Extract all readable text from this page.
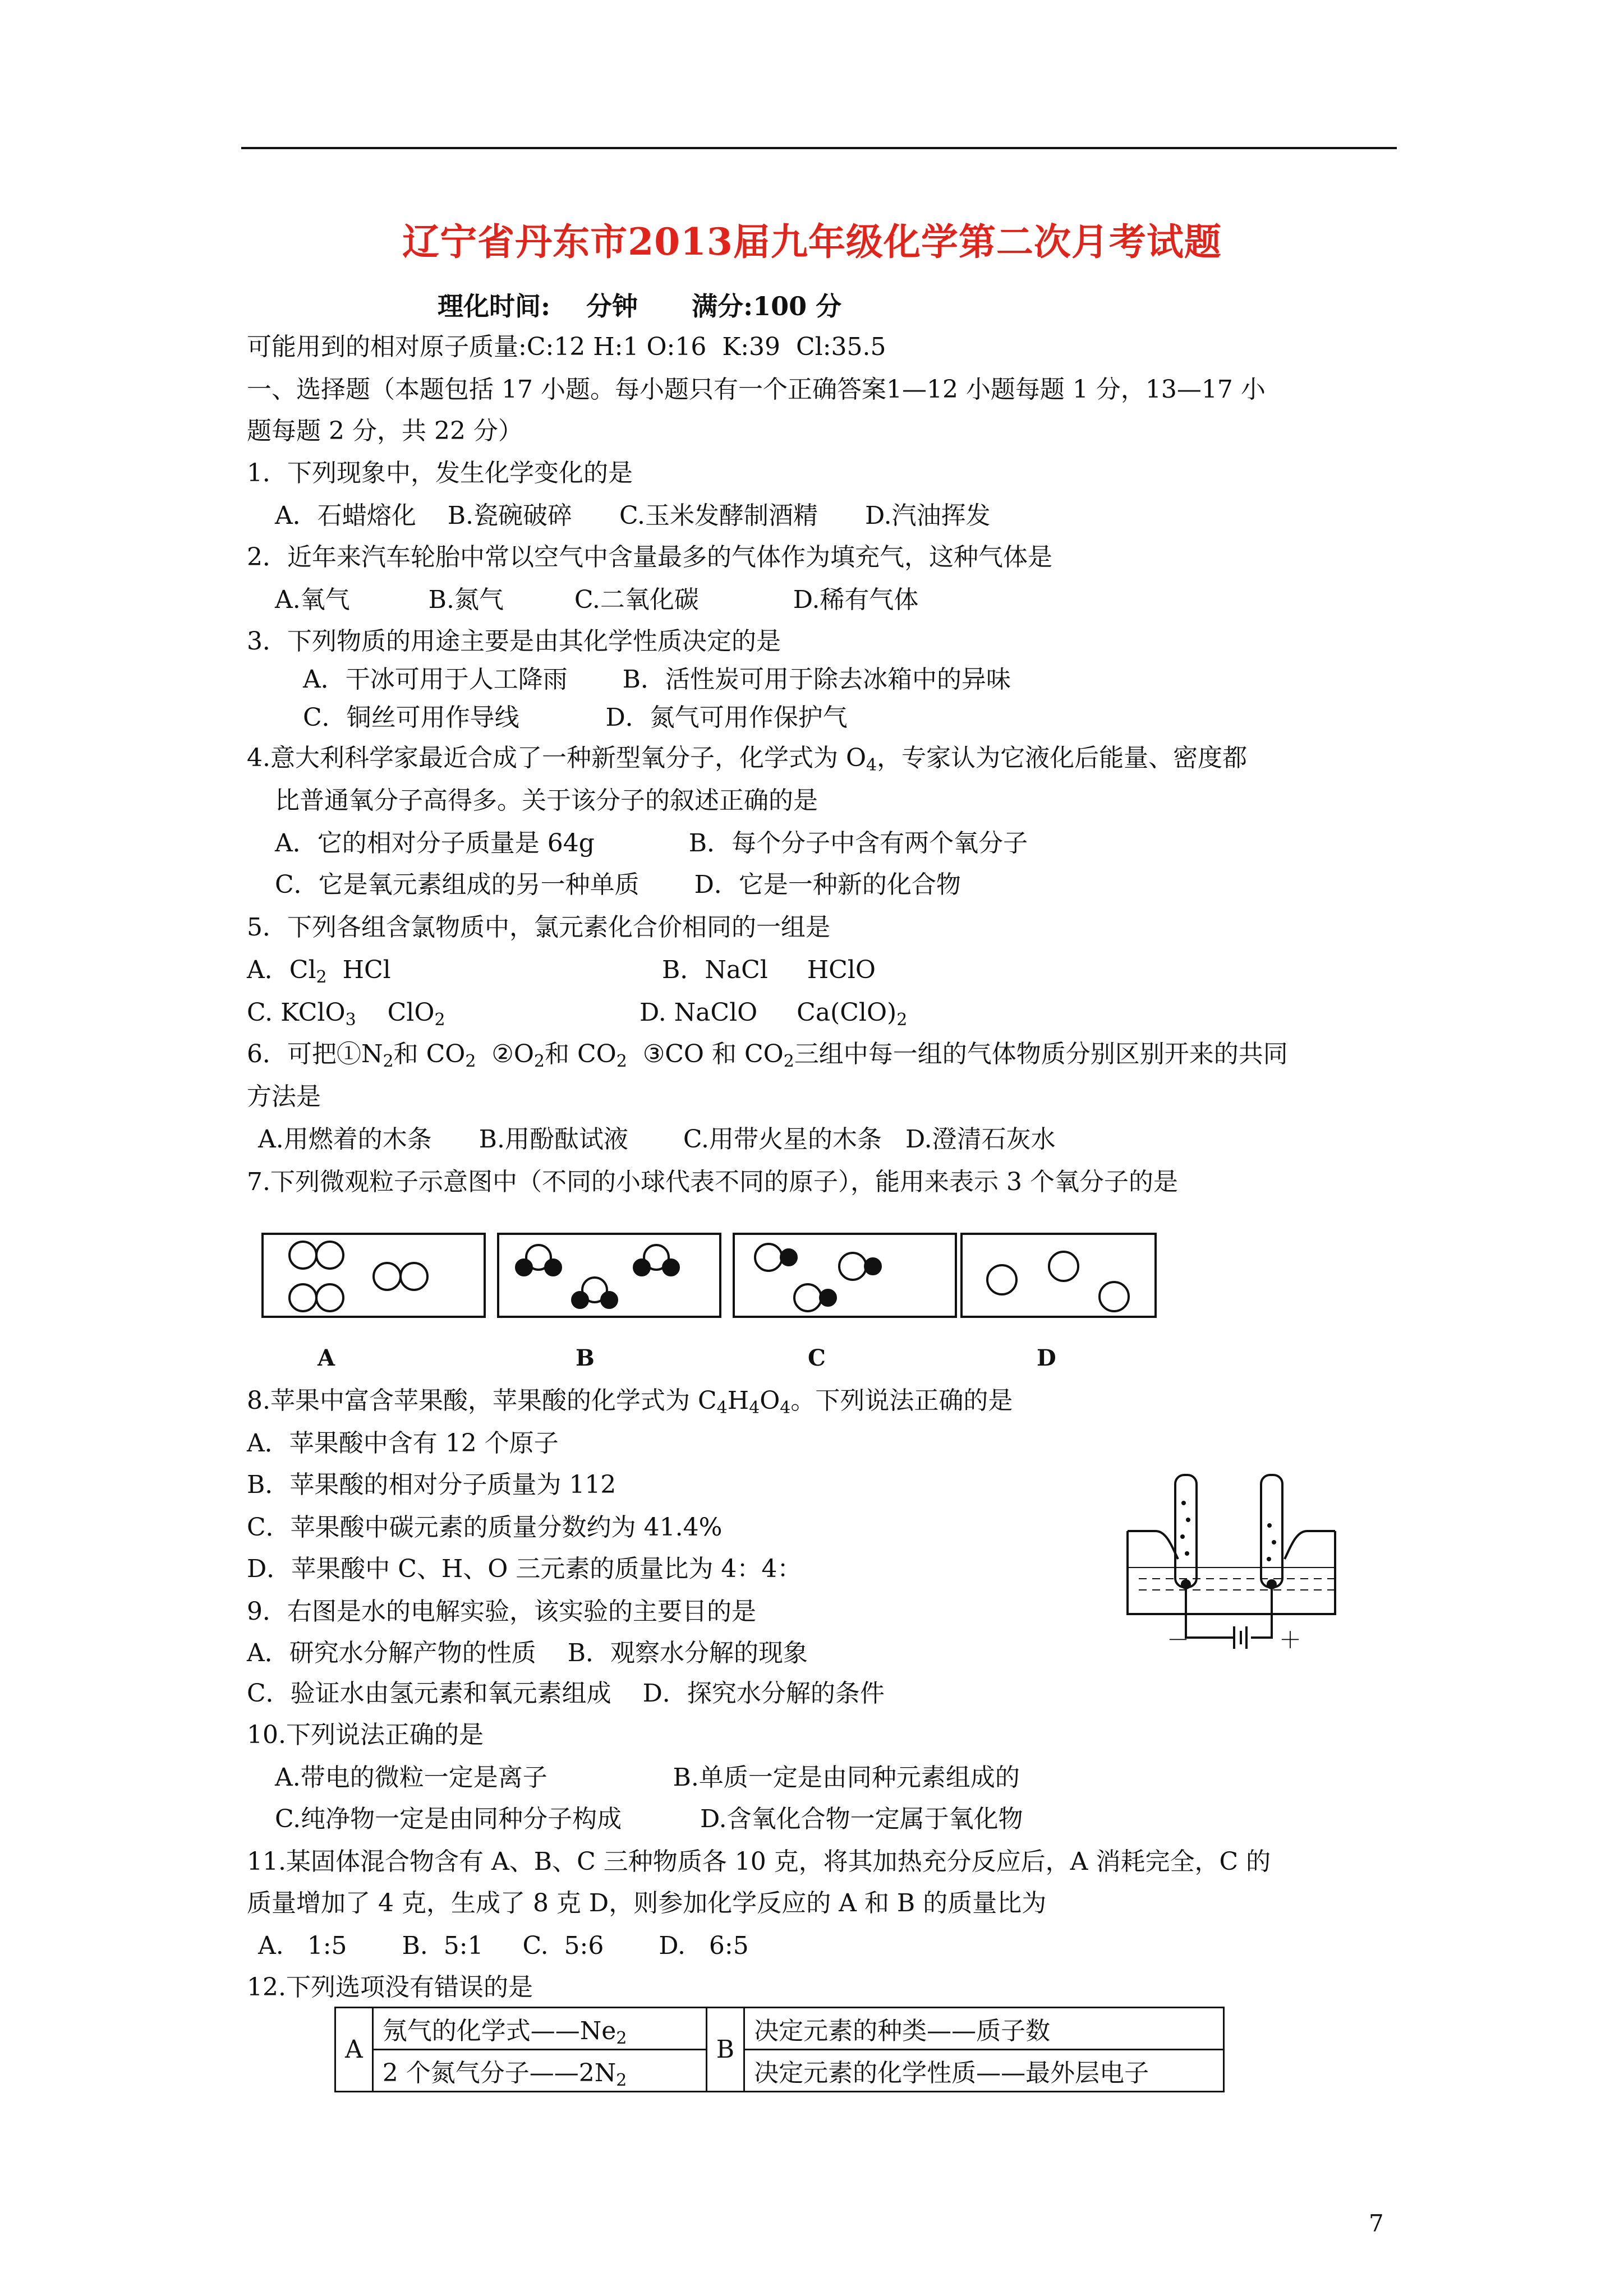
辽宁省丹东市2013届九年级化学第二次月考试题
理化时间:    分钟      满分:100 分
可能用到的相对原子质量:C:12 H:1 O:16  K:39  Cl:35.5
一、选择题（本题包括 17 小题。每小题只有一个正确答案1—12 小题每题 1 分，13—17 小
题每题 2 分，共 22 分）
1．下列现象中，发生化学变化的是
A．石蜡熔化    B.瓷碗破碎      C.玉米发酵制酒精      D.汽油挥发
2．近年来汽车轮胎中常以空气中含量最多的气体作为填充气，这种气体是
A.氧气          B.氮气         C.二氧化碳            D.稀有气体
3．下列物质的用途主要是由其化学性质决定的是
A．干冰可用于人工降雨       B．活性炭可用于除去冰箱中的异味
C．铜丝可用作导线           D．氮气可用作保护气
4.意大利科学家最近合成了一种新型氧分子，化学式为 $O_4$，专家认为它液化后能量、密度都
比普通氧分子高得多。关于该分子的叙述正确的是
A．它的相对分子质量是 64g            B．每个分子中含有两个氧分子
C．它是氧元素组成的另一种单质       D．它是一种新的化合物
5．下列各组含氯物质中，氯元素化合价相同的一组是
A．$Cl_2$  HCl	B．NaCl     HClO
C. KClO$_3$    ClO$_2$	D. NaClO     $Ca(ClO)_2$
6．可把$①N_2$和 $CO_2$  $②O_2$和 $CO_2$  ③CO 和 $CO_2$三组中每一组的气体物质分别区别开来的共同
方法是
A.用燃着的木条      B.用酚酞试液       C.用带火星的木条   D.澄清石灰水
7.下列微观粒子示意图中（不同的小球代表不同的原子），能用来表示 3 个氧分子的是
A	B	C	D
8.苹果中富含苹果酸，苹果酸的化学式为 $C_4H_4O_4$。下列说法正确的是
A．苹果酸中含有 12 个原子
B．苹果酸的相对分子质量为 112
C．苹果酸中碳元素的质量分数约为 41.4%
D．苹果酸中 C、H、O 三元素的质量比为 4：4：
－	＋
9．右图是水的电解实验，该实验的主要目的是
A．研究水分解产物的性质    B．观察水分解的现象
C．验证水由氢元素和氧元素组成    D．探究水分解的条件
10.下列说法正确的是
A.带电的微粒一定是离子                B.单质一定是由同种元素组成的
C.纯净物一定是由同种分子构成          D.含氧化合物一定属于氧化物
11.某固体混合物含有 A、B、C 三种物质各 10 克，将其加热充分反应后，A 消耗完全，C 的
质量增加了 4 克，生成了 8 克 D，则参加化学反应的 A 和 B 的质量比为
A.   1:5       B.  5:1     C.  5:6       D.   6:5
12.下列选项没有错误的是
A	氖气的化学式$——Ne_2$	B	决定元素的种类——质子数
	2 个氮气分子$——2N_2$		决定元素的化学性质——最外层电子
7
